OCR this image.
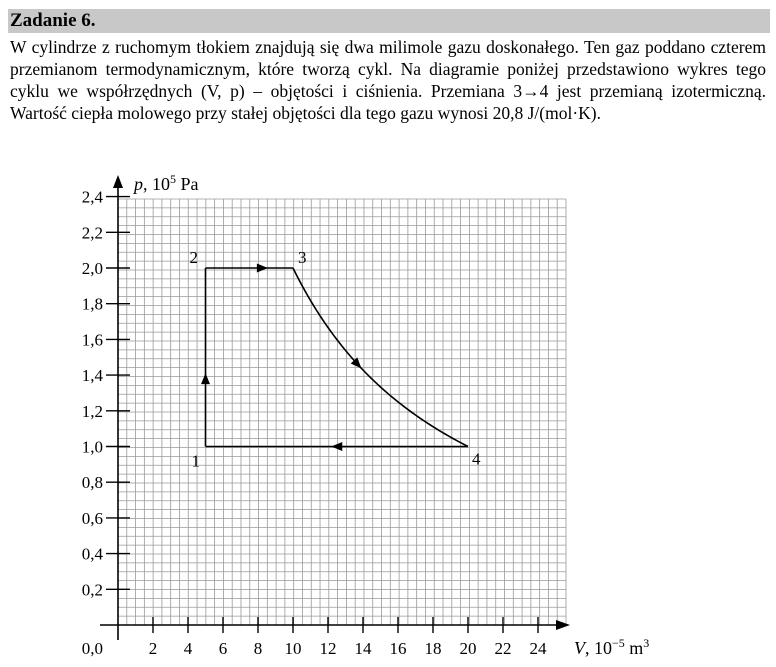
Zadanie 6.

W cylindrze z ruchomym tłokiem znajdują się dwa milimole gazu doskonałego. Ten gaz poddano czterem przemianom termodynamicznym, które tworzą cykl. Na diagramie poniżej przedstawiono wykres tego cyklu we współrzędnych (V, p) – objętości i ciśnienia. Przemiana 3→4 jest przemianą izotermiczną. Wartość ciepła molowego przy stałej objętości dla tego gazu wynosi 20,8 J/(mol·K).

2 4 6 8 10 12 14 16 18 20 22 24
0,2
0,4
0,6
0,8
1,0
1,2
1,4
1,6
1,8
2,0
2,2
2,4
0,0
p, $10^5$ Pa
V, $10^{-5}$ $m^3$
1
2	3
4
